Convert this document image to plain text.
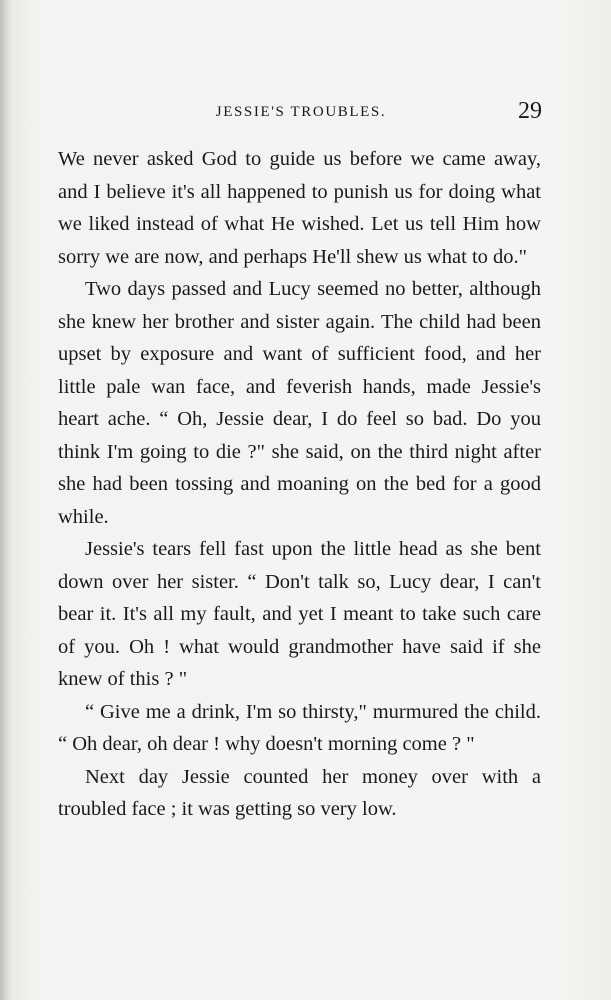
JESSIE'S TROUBLES.	29

We never asked God to guide us before we came away, and I believe it's all happened to punish us for doing what we liked instead of what He wished. Let us tell Him how sorry we are now, and perhaps He'll shew us what to do."

Two days passed and Lucy seemed no better, although she knew her brother and sister again. The child had been upset by exposure and want of sufficient food, and her little pale wan face, and feverish hands, made Jessie's heart ache. “ Oh, Jessie dear, I do feel so bad. Do you think I'm going to die ?" she said, on the third night after she had been tossing and moaning on the bed for a good while.

Jessie's tears fell fast upon the little head as she bent down over her sister. “ Don't talk so, Lucy dear, I can't bear it. It's all my fault, and yet I meant to take such care of you. Oh ! what would grandmother have said if she knew of this ? "

“ Give me a drink, I'm so thirsty," murmured the child. “ Oh dear, oh dear ! why doesn't morning come ? "

Next day Jessie counted her money over with a troubled face ; it was getting so very low.
